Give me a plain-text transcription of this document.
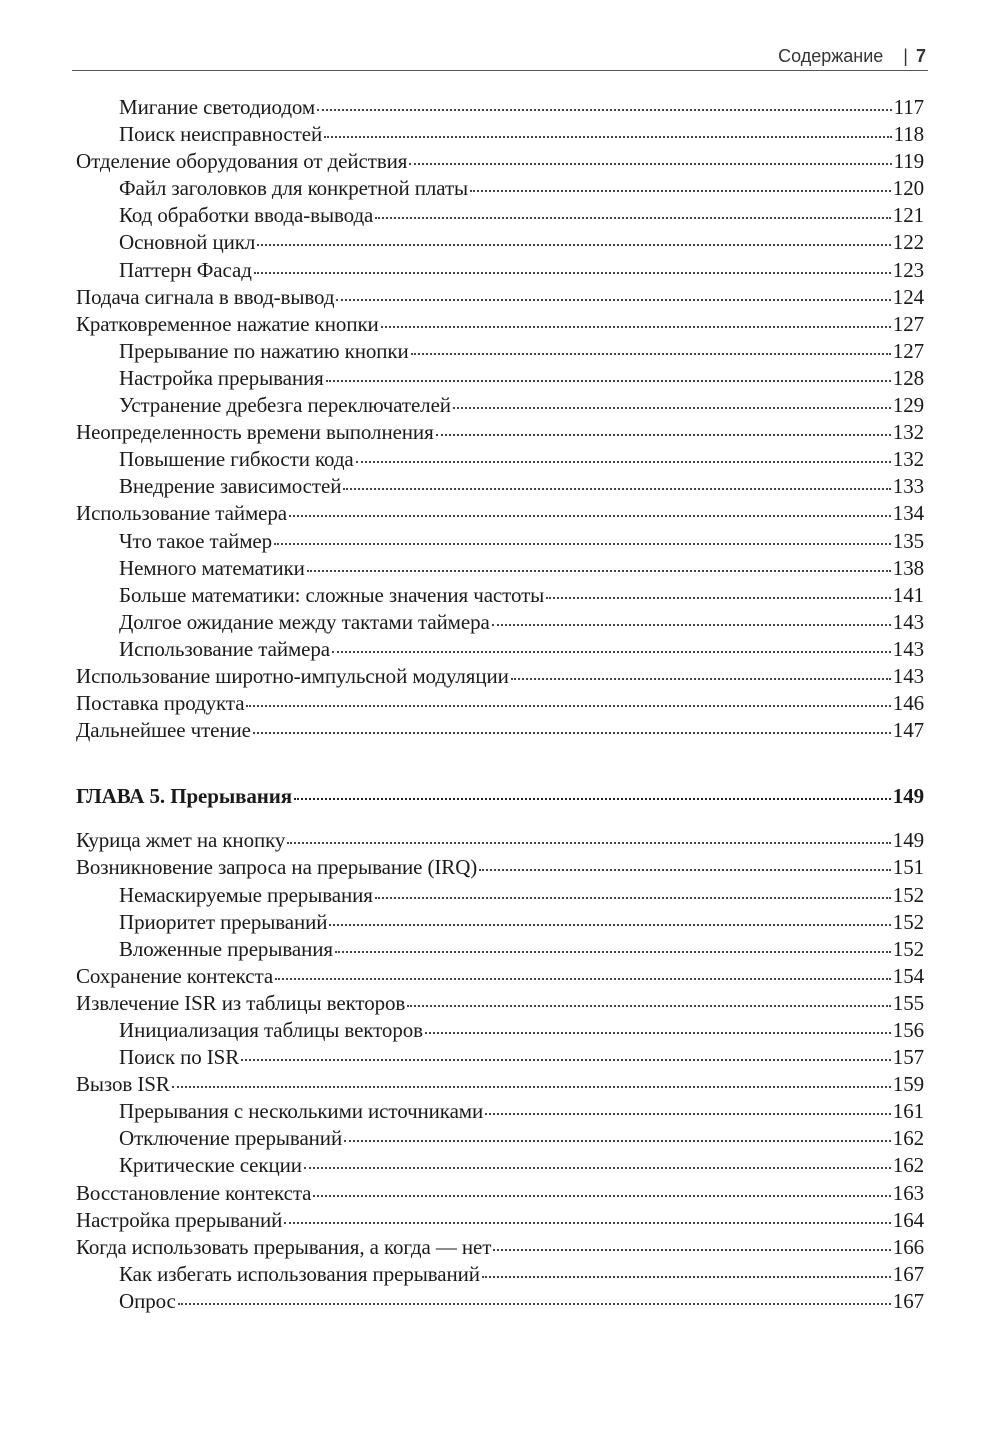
Содержание | 7
Мигание светодиодом	117
Поиск неисправностей	118
Отделение оборудования от действия	119
Файл заголовков для конкретной платы	120
Код обработки ввода-вывода	121
Основной цикл	122
Паттерн Фасад	123
Подача сигнала в ввод-вывод	124
Кратковременное нажатие кнопки	127
Прерывание по нажатию кнопки	127
Настройка прерывания	128
Устранение дребезга переключателей	129
Неопределенность времени выполнения	132
Повышение гибкости кода	132
Внедрение зависимостей	133
Использование таймера	134
Что такое таймер	135
Немного математики	138
Больше математики: сложные значения частоты	141
Долгое ожидание между тактами таймера	143
Использование таймера	143
Использование широтно-импульсной модуляции	143
Поставка продукта	146
Дальнейшее чтение	147
ГЛАВА 5. Прерывания	149
Курица жмет на кнопку	149
Возникновение запроса на прерывание (IRQ)	151
Немаскируемые прерывания	152
Приоритет прерываний	152
Вложенные прерывания	152
Сохранение контекста	154
Извлечение ISR из таблицы векторов	155
Инициализация таблицы векторов	156
Поиск по ISR	157
Вызов ISR	159
Прерывания с несколькими источниками	161
Отключение прерываний	162
Критические секции	162
Восстановление контекста	163
Настройка прерываний	164
Когда использовать прерывания, а когда — нет	166
Как избегать использования прерываний	167
Опрос	167
